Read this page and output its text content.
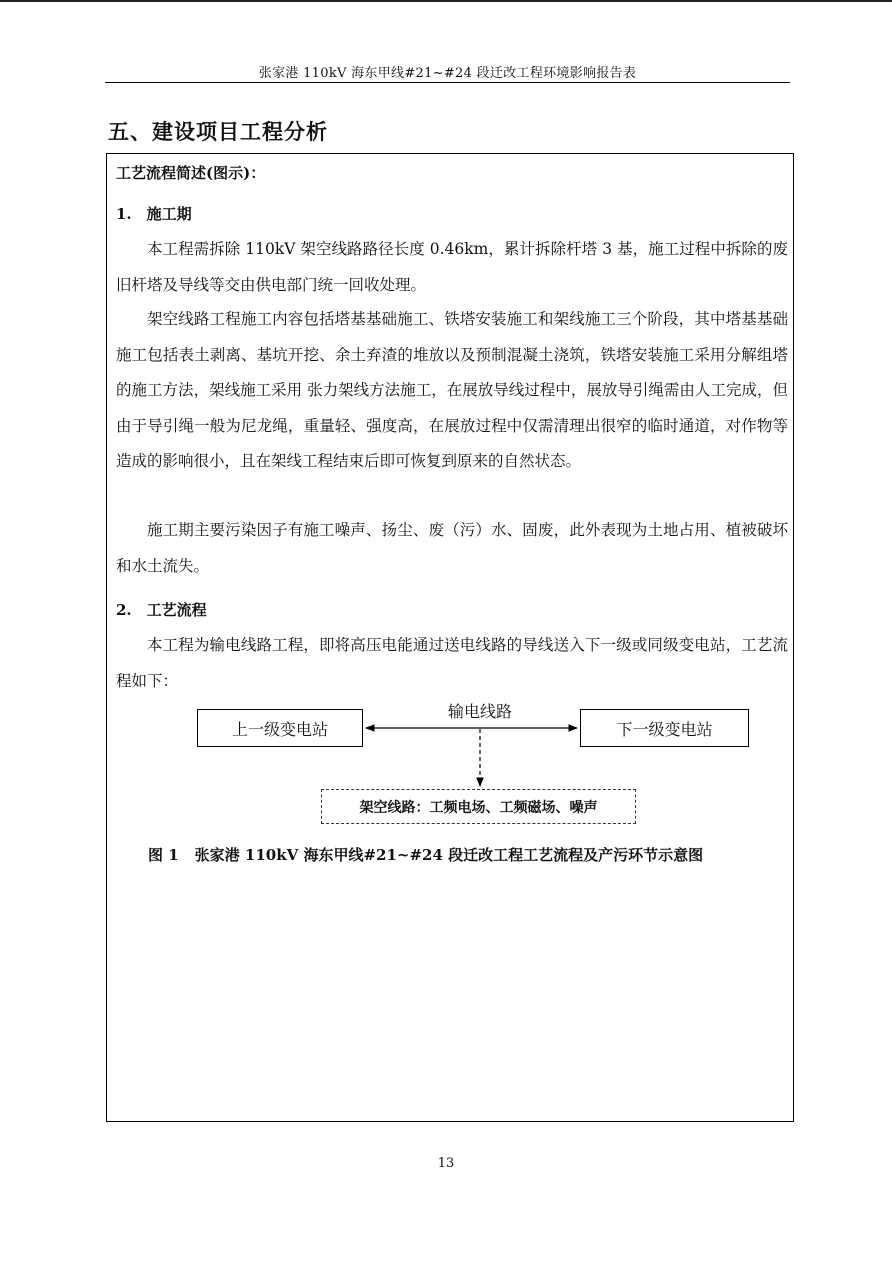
张家港 110kV 海东甲线#21~#24 段迁改工程环境影响报告表
五、建设项目工程分析
工艺流程简述(图示)：
1.　施工期

本工程需拆除 110kV 架空线路路径长度 0.46km，累计拆除杆塔 3 基，施工过程中拆除的废旧杆塔及导线等交由供电部门统一回收处理。

架空线路工程施工内容包括塔基基础施工、铁塔安装施工和架线施工三个阶段，其中塔基基础施工包括表土剥离、基坑开挖、余土弃渣的堆放以及预制混凝土浇筑，铁塔安装施工采用分解组塔的施工方法，架线施工采用 张力架线方法施工，在展放导线过程中，展放导引绳需由人工完成，但由于导引绳一般为尼龙绳，重量轻、强度高，在展放过程中仅需清理出很窄的临时通道，对作物等造成的影响很小，且在架线工程结束后即可恢复到原来的自然状态。

施工期主要污染因子有施工噪声、扬尘、废（污）水、固废，此外表现为土地占用、植被破坏和水土流失。

2.　工艺流程

本工程为输电线路工程，即将高压电能通过送电线路的导线送入下一级或同级变电站，工艺流程如下：

上一级变电站	下一级变电站
输电线路
架空线路：工频电场、工频磁场、噪声
图 1 张家港 110kV 海东甲线#21~#24 段迁改工程工艺流程及产污环节示意图
13
